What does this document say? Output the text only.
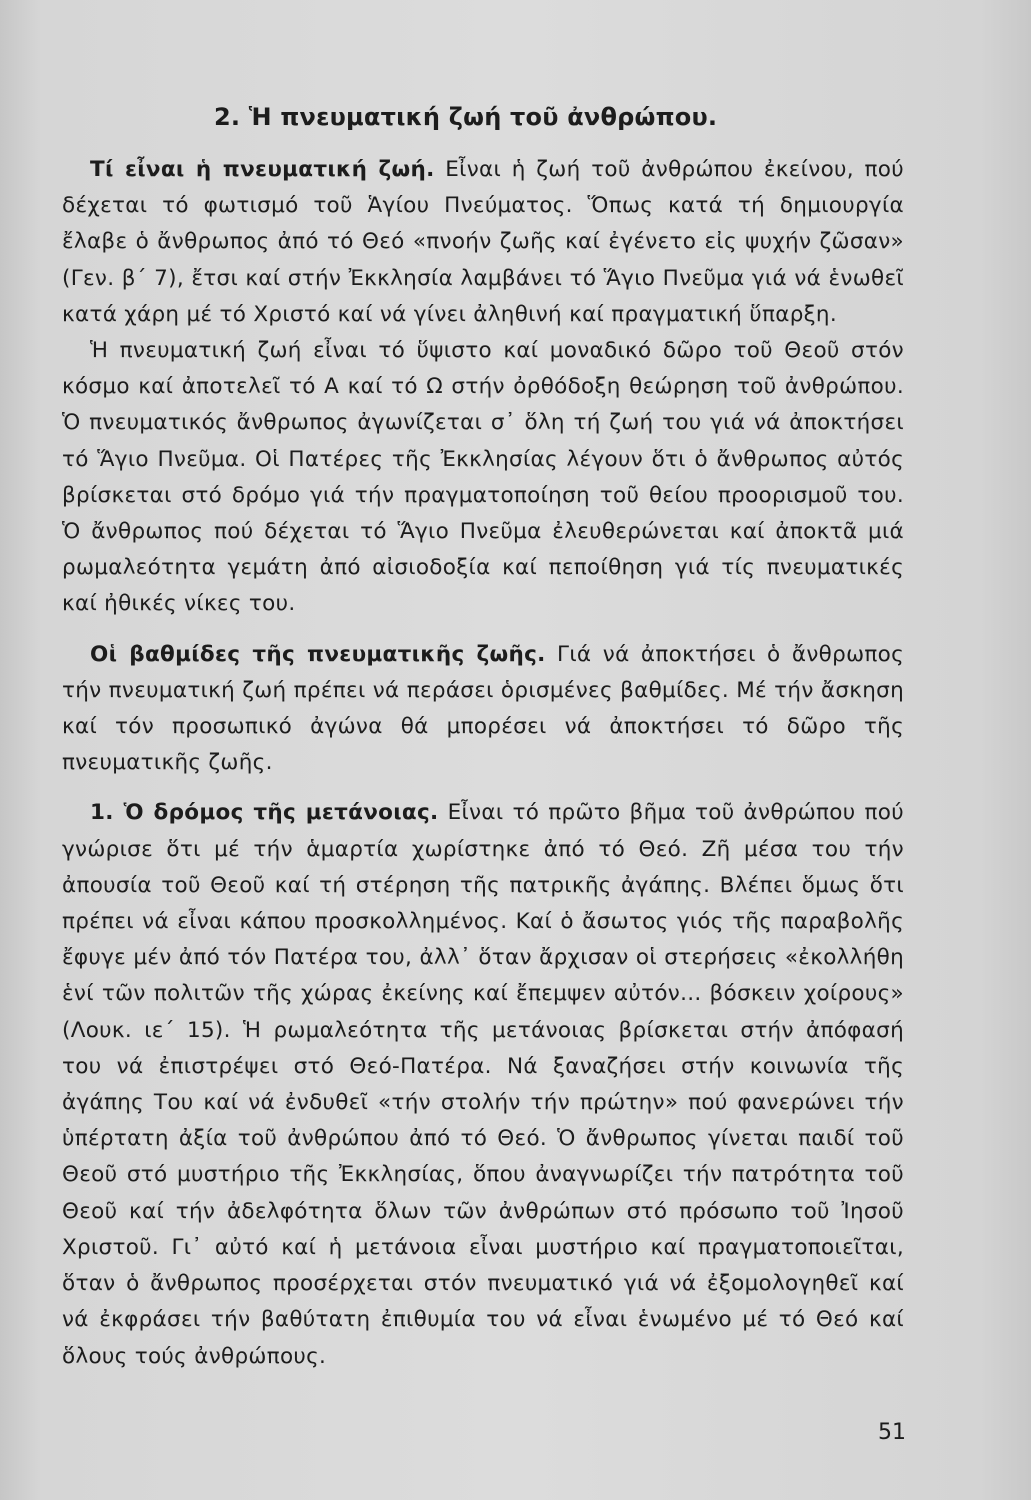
2. Ἡ πνευματική ζωή τοῦ ἀνθρώπου.

Τί εἶναι ἡ πνευματική ζωή. Εἶναι ἡ ζωή τοῦ ἀνθρώπου ἐκείνου, πού δέχεται τό φωτισμό τοῦ Ἁγίου Πνεύματος. Ὅπως κατά τή δημιουργία ἔλαβε ὁ ἄνθρωπος ἀπό τό Θεό «πνοήν ζωῆς καί ἐγένετο εἰς ψυχήν ζῶσαν» (Γεν. β΄ 7), ἔτσι καί στήν Ἐκκλησία λαμβάνει τό Ἅγιο Πνεῦμα γιά νά ἑνωθεῖ κατά χάρη μέ τό Χριστό καί νά γίνει ἀληθινή καί πραγματική ὕπαρξη.

Ἡ πνευματική ζωή εἶναι τό ὕψιστο καί μοναδικό δῶρο τοῦ Θεοῦ στόν κόσμο καί ἀποτελεῖ τό Α καί τό Ω στήν ὀρθόδοξη θεώρηση τοῦ ἀνθρώπου. Ὁ πνευματικός ἄνθρωπος ἀγωνίζεται σ᾽ ὅλη τή ζωή του γιά νά ἀποκτήσει τό Ἅγιο Πνεῦμα. Οἱ Πατέρες τῆς Ἐκκλησίας λέγουν ὅτι ὁ ἄνθρωπος αὐτός βρίσκεται στό δρόμο γιά τήν πραγματοποίηση τοῦ θείου προορισμοῦ του. Ὁ ἄνθρωπος πού δέχεται τό Ἅγιο Πνεῦμα ἐλευθερώνεται καί ἀποκτᾶ μιά ρωμαλεότητα γεμάτη ἀπό αἰσιοδοξία καί πεποίθηση γιά τίς πνευματικές καί ἠθικές νίκες του.

Οἱ βαθμίδες τῆς πνευματικῆς ζωῆς. Γιά νά ἀποκτήσει ὁ ἄνθρωπος τήν πνευματική ζωή πρέπει νά περάσει ὁρισμένες βαθμίδες. Μέ τήν ἄσκηση καί τόν προσωπικό ἀγώνα θά μπορέσει νά ἀποκτήσει τό δῶρο τῆς πνευματικῆς ζωῆς.

1. Ὁ δρόμος τῆς μετάνοιας. Εἶναι τό πρῶτο βῆμα τοῦ ἀνθρώπου πού γνώρισε ὅτι μέ τήν ἁμαρτία χωρίστηκε ἀπό τό Θεό. Ζῆ μέσα του τήν ἀπουσία τοῦ Θεοῦ καί τή στέρηση τῆς πατρικῆς ἀγάπης. Βλέπει ὅμως ὅτι πρέπει νά εἶναι κάπου προσκολλημένος. Καί ὁ ἄσωτος γιός τῆς παραβολῆς ἔφυγε μέν ἀπό τόν Πατέρα του, ἀλλ᾽ ὅταν ἄρχισαν οἱ στερήσεις «ἐκολλήθη ἑνί τῶν πολιτῶν τῆς χώρας ἐκείνης καί ἔπεμψεν αὐτόν... βόσκειν χοίρους» (Λουκ. ιε΄ 15). Ἡ ρωμαλεότητα τῆς μετάνοιας βρίσκεται στήν ἀπόφασή του νά ἐπιστρέψει στό Θεό-Πατέρα. Νά ξαναζήσει στήν κοινωνία τῆς ἀγάπης Του καί νά ἐνδυθεῖ «τήν στολήν τήν πρώτην» πού φανερώνει τήν ὑπέρτατη ἀξία τοῦ ἀνθρώπου ἀπό τό Θεό. Ὁ ἄνθρωπος γίνεται παιδί τοῦ Θεοῦ στό μυστήριο τῆς Ἐκκλησίας, ὅπου ἀναγνωρίζει τήν πατρότητα τοῦ Θεοῦ καί τήν ἀδελφότητα ὅλων τῶν ἀνθρώπων στό πρόσωπο τοῦ Ἰησοῦ Χριστοῦ. Γι᾽ αὐτό καί ἡ μετάνοια εἶναι μυστήριο καί πραγματοποιεῖται, ὅταν ὁ ἄνθρωπος προσέρχεται στόν πνευματικό γιά νά ἐξομολογηθεῖ καί νά ἐκφράσει τήν βαθύτατη ἐπιθυμία του νά εἶναι ἑνωμένο μέ τό Θεό καί ὅλους τούς ἀνθρώπους.

51
